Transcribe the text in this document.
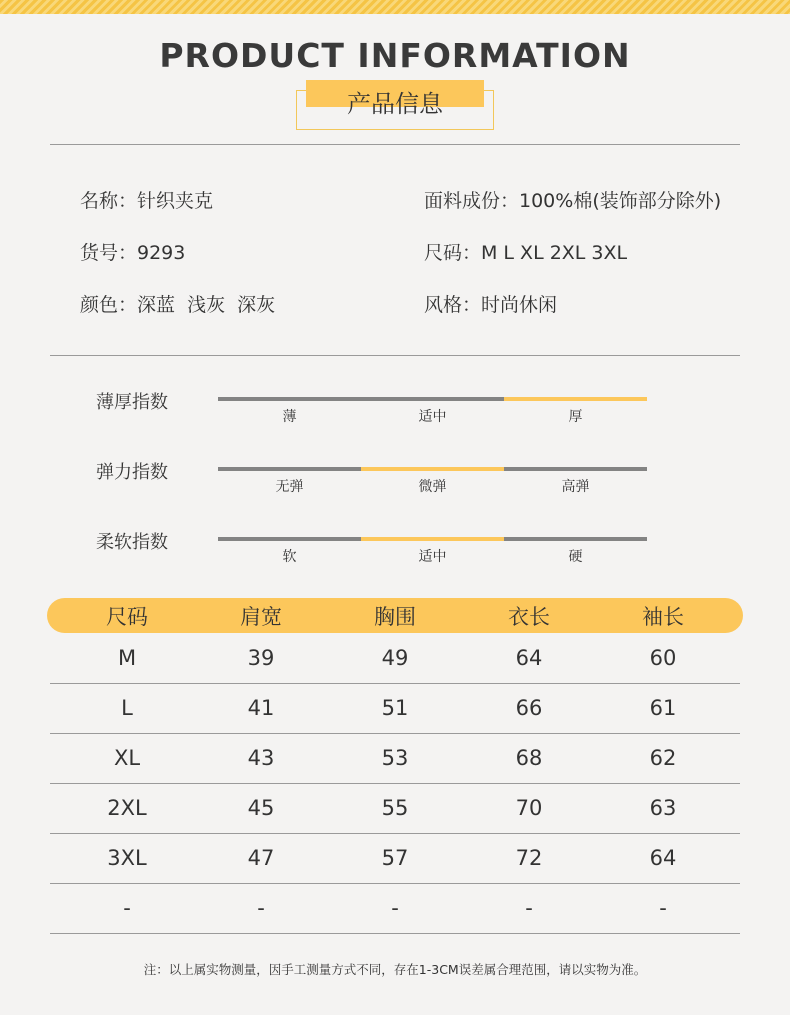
PRODUCT INFORMATION
产品信息
名称：针织夹克	面料成份：100%棉(装饰部分除外)
货号：9293	尺码：M L XL 2XL 3XL
颜色：深蓝  浅灰  深灰	风格：时尚休闲
薄厚指数
薄	适中	厚
弹力指数
无弹	微弹	高弹
柔软指数
软	适中	硬
尺码	肩宽	胸围	衣长	袖长
M	39	49	64	60
L	41	51	66	61
XL	43	53	68	62
2XL	45	55	70	63
3XL	47	57	72	64
-	-	-	-	-
注：以上属实物测量，因手工测量方式不同，存在1-3CM误差属合理范围，请以实物为准。
